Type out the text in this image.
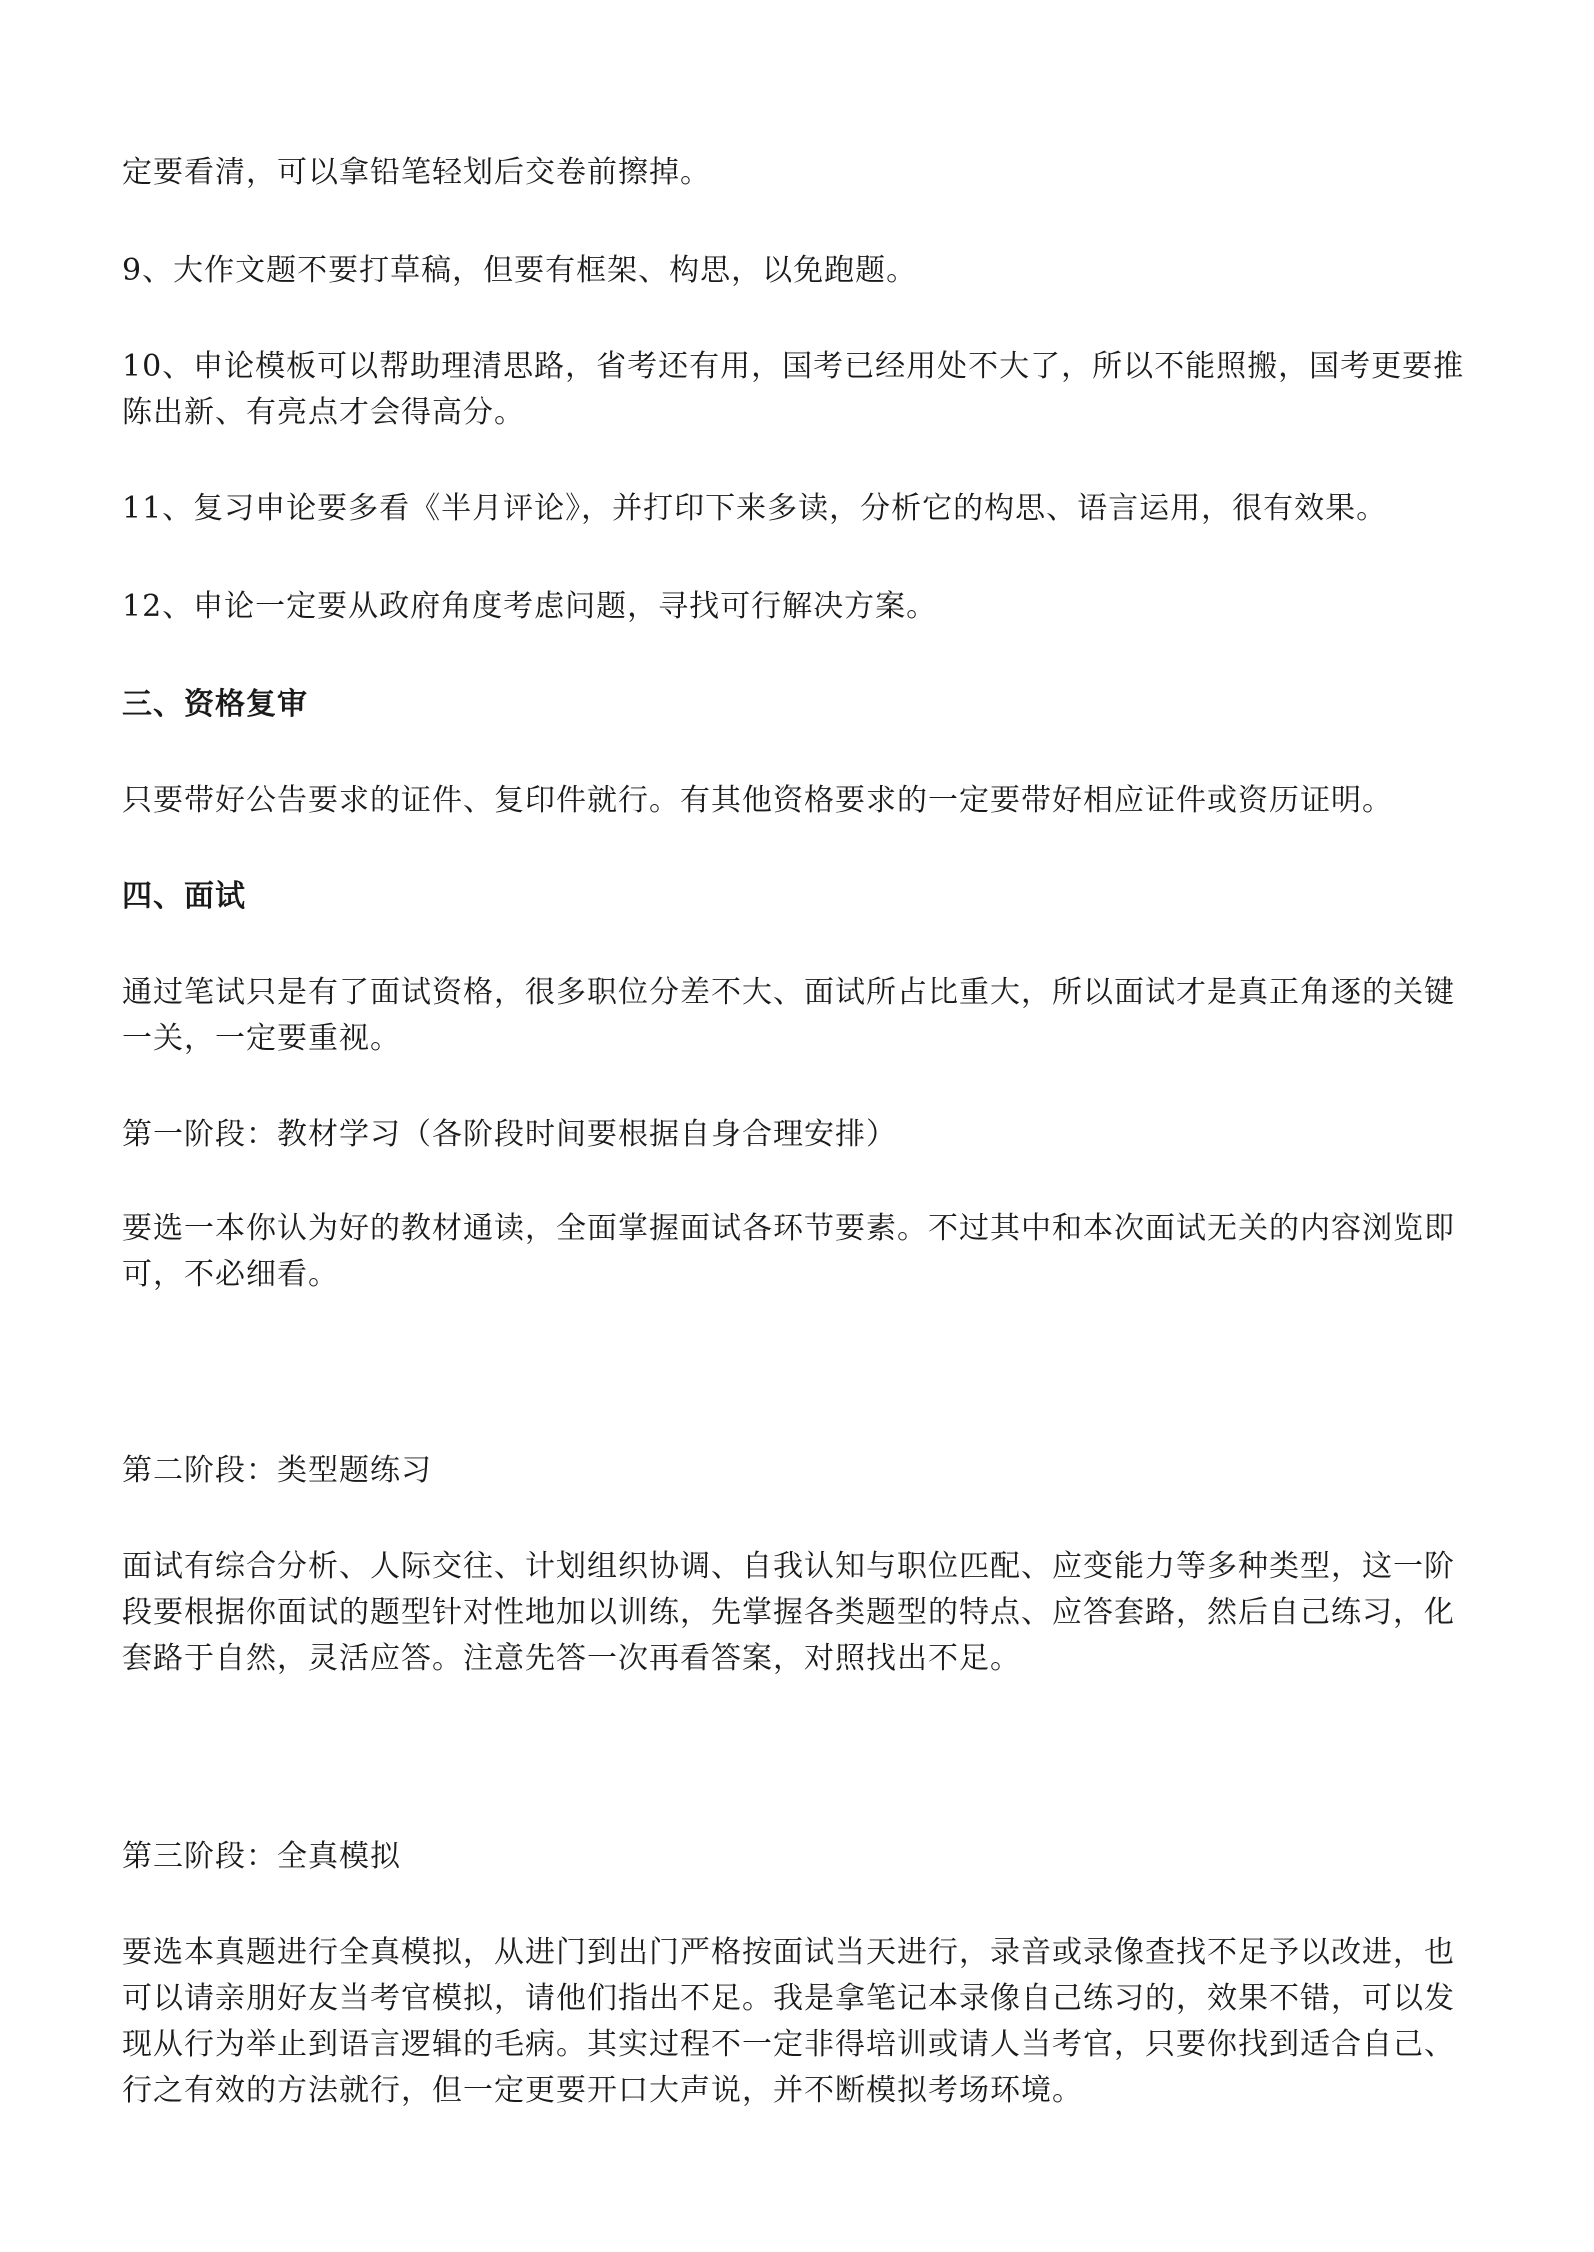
定要看清，可以拿铅笔轻划后交卷前擦掉。
9、大作文题不要打草稿，但要有框架、构思，以免跑题。
10、申论模板可以帮助理清思路，省考还有用，国考已经用处不大了，所以不能照搬，国考更要推
陈出新、有亮点才会得高分。
11、复习申论要多看《半月评论》，并打印下来多读，分析它的构思、语言运用，很有效果。
12、申论一定要从政府角度考虑问题，寻找可行解决方案。
三、资格复审
只要带好公告要求的证件、复印件就行。有其他资格要求的一定要带好相应证件或资历证明。
四、面试
通过笔试只是有了面试资格，很多职位分差不大、面试所占比重大，所以面试才是真正角逐的关键
一关，一定要重视。
第一阶段：教材学习（各阶段时间要根据自身合理安排）
要选一本你认为好的教材通读，全面掌握面试各环节要素。不过其中和本次面试无关的内容浏览即
可，不必细看。
第二阶段：类型题练习
面试有综合分析、人际交往、计划组织协调、自我认知与职位匹配、应变能力等多种类型，这一阶
段要根据你面试的题型针对性地加以训练，先掌握各类题型的特点、应答套路，然后自己练习，化
套路于自然，灵活应答。注意先答一次再看答案，对照找出不足。
第三阶段：全真模拟
要选本真题进行全真模拟，从进门到出门严格按面试当天进行，录音或录像查找不足予以改进，也
可以请亲朋好友当考官模拟，请他们指出不足。我是拿笔记本录像自己练习的，效果不错，可以发
现从行为举止到语言逻辑的毛病。其实过程不一定非得培训或请人当考官，只要你找到适合自己、
行之有效的方法就行，但一定更要开口大声说，并不断模拟考场环境。
